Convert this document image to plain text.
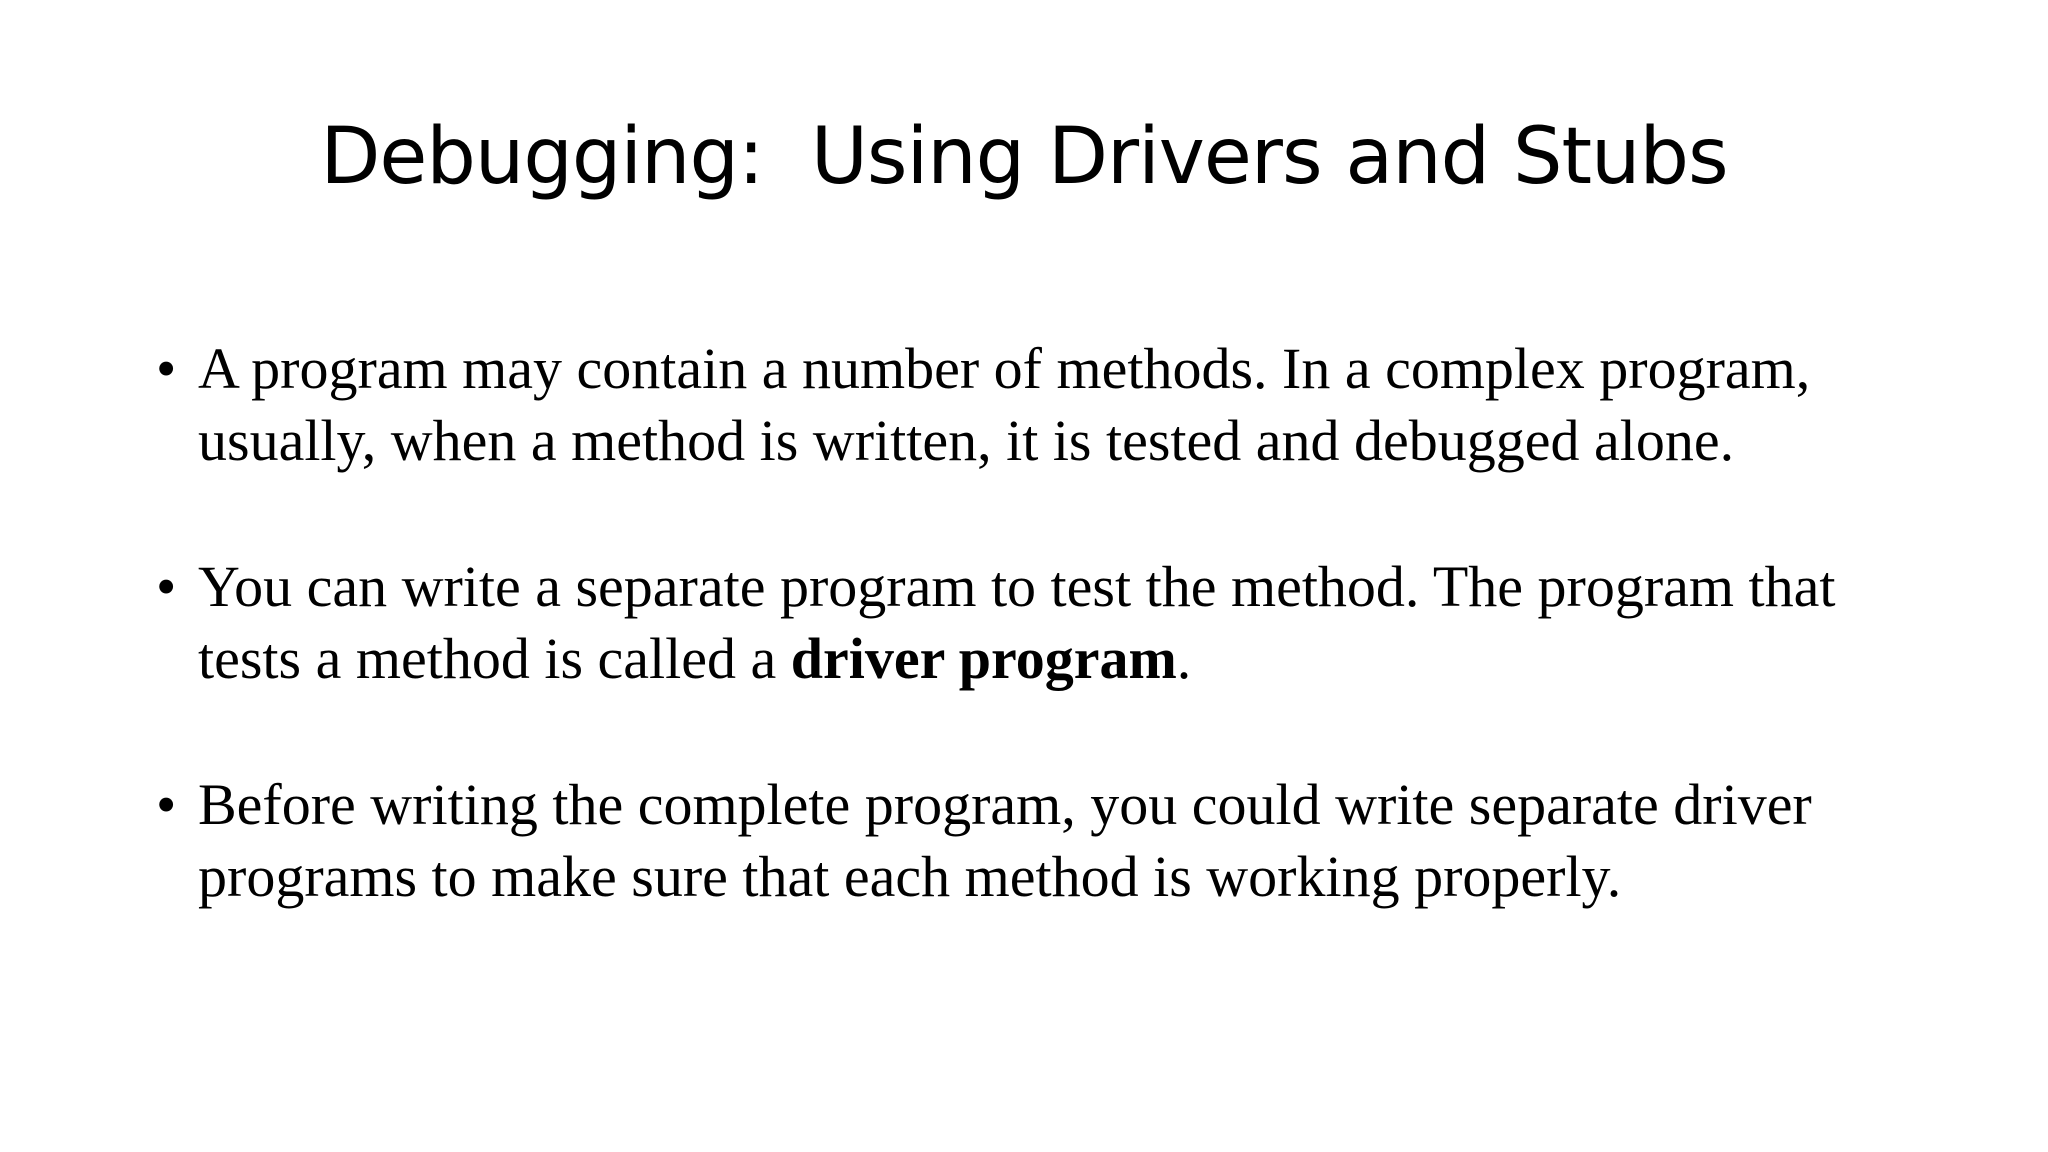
Debugging:  Using Drivers and Stubs
• A program may contain a number of methods. In a complex program, usually, when a method is written, it is tested and debugged alone.
• You can write a separate program to test the method. The program that tests a method is called a driver program.
• Before writing the complete program, you could write separate driver programs to make sure that each method is working properly.
